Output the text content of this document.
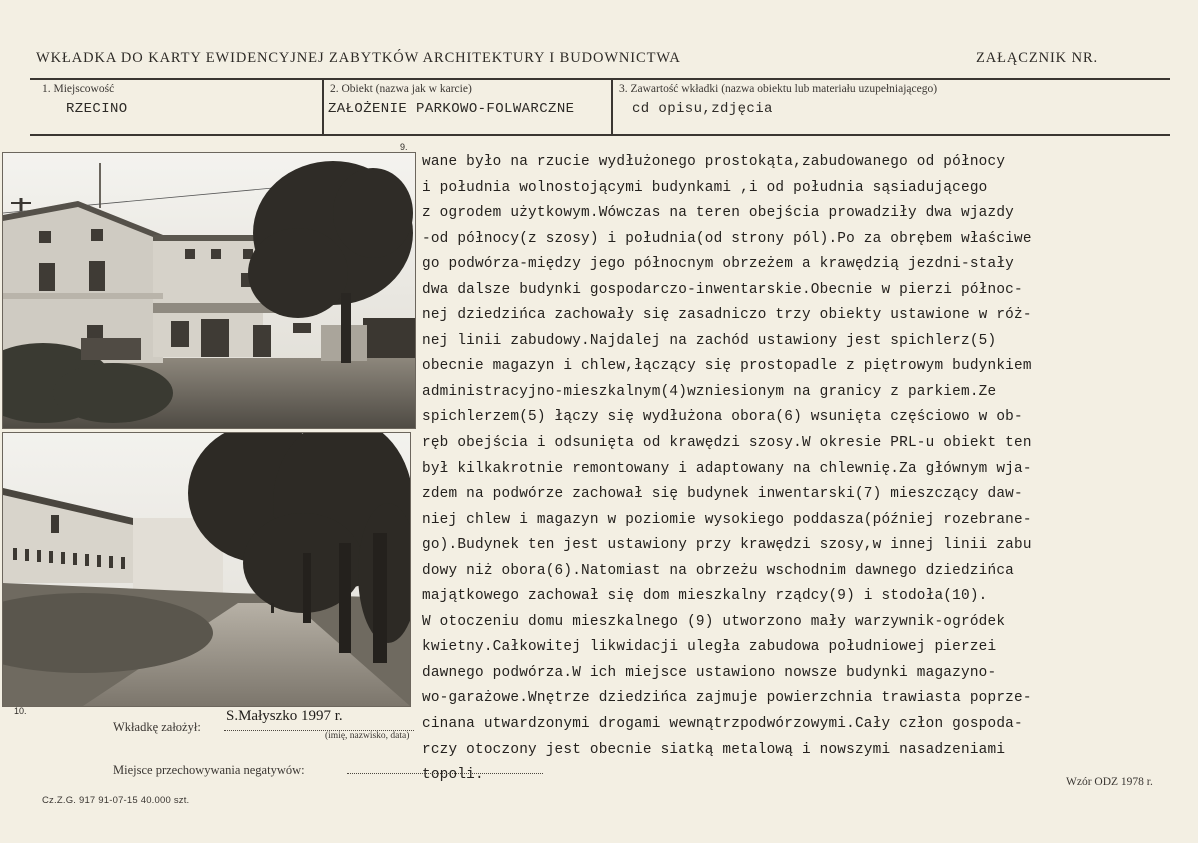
WKŁADKA DO KARTY EWIDENCYJNEJ ZABYTKÓW ARCHITEKTURY I BUDOWNICTWA	ZAŁĄCZNIK NR.
1. Miejscowość
RZECINO
2. Obiekt (nazwa jak w karcie)
ZAŁOŻENIE PARKOWO-FOLWARCZNE
3. Zawartość wkładki (nazwa obiektu lub materiału uzupełniającego)
cd opisu,zdjęcia
9.
10.
wane było na rzucie wydłużonego prostokąta,zabudowanego od północy
i południa wolnostojącymi budynkami ,i od południa sąsiadującego
z ogrodem użytkowym.Wówczas na teren obejścia prowadziły dwa wjazdy
-od północy(z szosy) i południa(od strony pól).Po za obrębem właściwe
go podwórza-między jego północnym obrzeżem a krawędzią jezdni-stały
dwa dalsze budynki gospodarczo-inwentarskie.Obecnie w pierzi północ-
nej dziedzińca zachowały się zasadniczo trzy obiekty ustawione w róż-
nej linii zabudowy.Najdalej na zachód ustawiony jest spichlerz(5)
obecnie magazyn i chlew,łączący się prostopadle z piętrowym budynkiem
administracyjno-mieszkalnym(4)wzniesionym na granicy z parkiem.Ze
spichlerzem(5) łączy się wydłużona obora(6) wsunięta częściowo w ob-
ręb obejścia i odsunięta od krawędzi szosy.W okresie PRL-u obiekt ten
był kilkakrotnie remontowany i adaptowany na chlewnię.Za głównym wja-
zdem na podwórze zachował się budynek inwentarski(7) mieszczący daw-
niej chlew i magazyn w poziomie wysokiego poddasza(później rozebrane-
go).Budynek ten jest ustawiony przy krawędzi szosy,w innej linii zabu
dowy niż obora(6).Natomiast na obrzeżu wschodnim dawnego dziedzińca
majątkowego zachował się dom mieszkalny rządcy(9) i stodoła(10).
W otoczeniu domu mieszkalnego (9) utworzono mały warzywnik-ogródek
kwietny.Całkowitej likwidacji uległa zabudowa południowej pierzei
dawnego podwórza.W ich miejsce ustawiono nowsze budynki magazyno-
wo-garażowe.Wnętrze dziedzińca zajmuje powierzchnia trawiasta poprze-
cinana utwardzonymi drogami wewnątrzpodwórzowymi.Cały człon gospoda-
rczy otoczony jest obecnie siatką metalową i nowszymi nasadzeniami
topoli.
Wkładkę założył:
S.Małyszko 1997 r.
(imię, nazwisko, data)
Miejsce przechowywania negatywów:
Cz.Z.G. 917 91-07-15 40.000 szt.
Wzór ODZ 1978 r.
